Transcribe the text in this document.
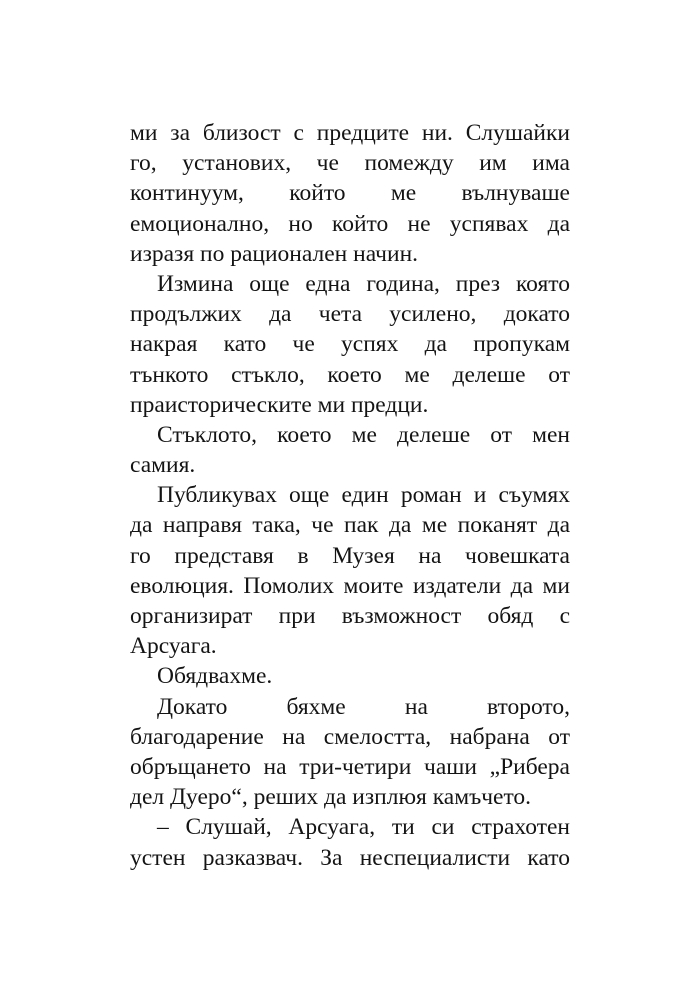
ми за близост с предците ни. Слушайки
го, установих, че помежду им има
континуум, който ме вълнуваше
емоционално, но който не успявах да
изразя по рационален начин.
Измина още една година, през която
продължих да чета усилено, докато
накрая като че успях да пропукам
тънкото стъкло, което ме делеше от
праисторическите ми предци.
Стъклото, което ме делеше от мен
самия.
Публикувах още един роман и съумях
да направя така, че пак да ме поканят да
го представя в Музея на човешката
еволюция. Помолих моите издатели да ми
организират при възможност обяд с
Арсуага.
Обядвахме.
Докато бяхме на второто,
благодарение на смелостта, набрана от
обръщането на три-четири чаши „Рибера
дел Дуеро“, реших да изплюя камъчето.
– Слушай, Арсуага, ти си страхотен
устен разказвач. За неспециалисти като
